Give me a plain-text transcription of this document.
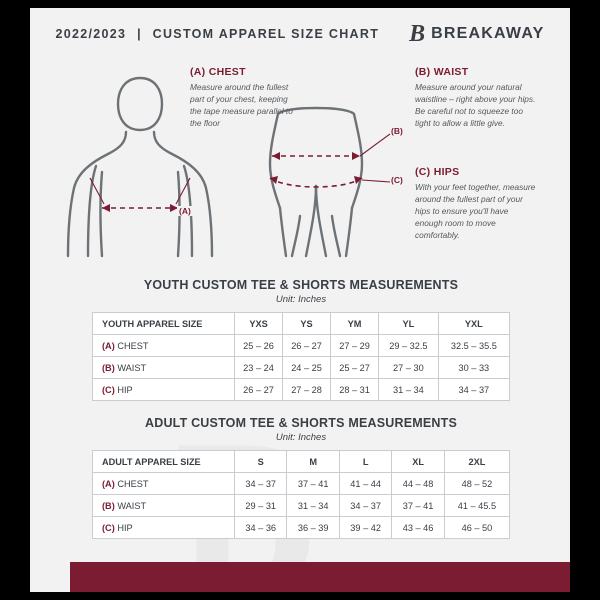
2022/2023 | CUSTOM APPAREL SIZE CHART B BREAKAWAY
(A)
(B)
(C)
(A) CHEST
Measure around the fullest part of your chest, keeping the tape measure parallel to the floor
(B) WAIST
Measure around your natural waistline – right above your hips. Be careful not to squeeze too tight to allow a little give.
(C) HIPS
With your feet together, measure around the fullest part of your hips to ensure you'll have enough room to move comfortably.
YOUTH CUSTOM TEE & SHORTS MEASUREMENTS
Unit: Inches
YOUTH APPAREL SIZE	YXS	YS	YM	YL	YXL
(A) CHEST	25 – 26	26 – 27	27 – 29	29 – 32.5	32.5 – 35.5
(B) WAIST	23 – 24	24 – 25	25 – 27	27 – 30	30 – 33
(C) HIP	26 – 27	27 – 28	28 – 31	31 – 34	34 – 37
ADULT CUSTOM TEE & SHORTS MEASUREMENTS
Unit: Inches
ADULT APPAREL SIZE	S	M	L	XL	2XL
(A) CHEST	34 – 37	37 – 41	41 – 44	44 – 48	48 – 52
(B) WAIST	29 – 31	31 – 34	34 – 37	37 – 41	41 – 45.5
(C) HIP	34 – 36	36 – 39	39 – 42	43 – 46	46 – 50
